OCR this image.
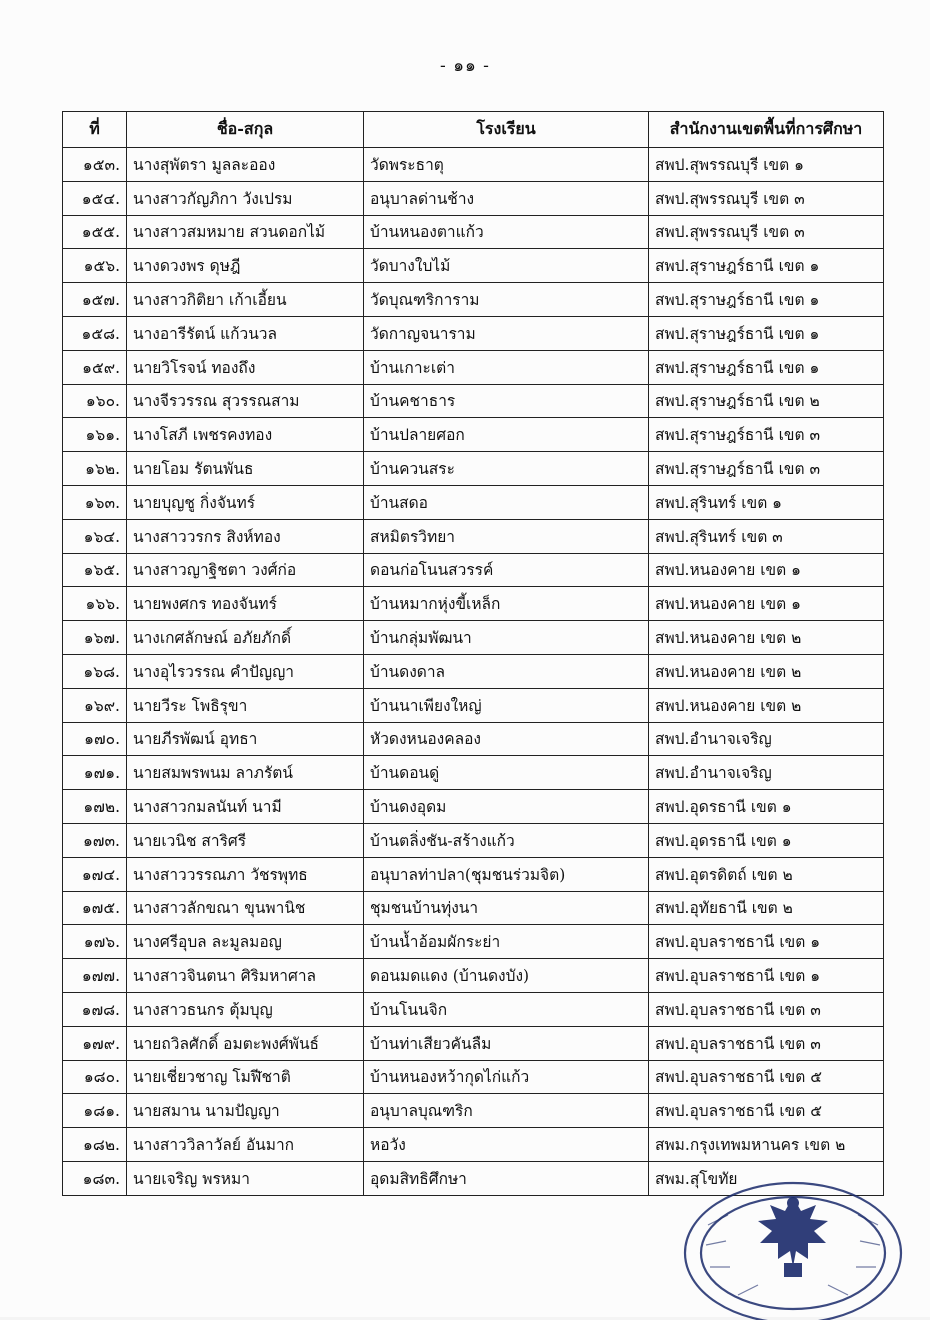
- ๑๑ -
ที่	ชื่อ-สกุล	โรงเรียน	สำนักงานเขตพื้นที่การศึกษา
๑๕๓.	นางสุพัตรา มูลละออง	วัดพระธาตุ	สพป.สุพรรณบุรี เขต ๑
๑๕๔.	นางสาวกัญภิกา วังเปรม	อนุบาลด่านช้าง	สพป.สุพรรณบุรี เขต ๓
๑๕๕.	นางสาวสมหมาย สวนดอกไม้	บ้านหนองตาแก้ว	สพป.สุพรรณบุรี เขต ๓
๑๕๖.	นางดวงพร ดุษฎี	วัดบางใบไม้	สพป.สุราษฎร์ธานี เขต ๑
๑๕๗.	นางสาวกิติยา เก้าเอี้ยน	วัดบุณฑริการาม	สพป.สุราษฎร์ธานี เขต ๑
๑๕๘.	นางอารีรัตน์ แก้วนวล	วัดกาญจนาราม	สพป.สุราษฎร์ธานี เขต ๑
๑๕๙.	นายวิโรจน์ ทองถึง	บ้านเกาะเต่า	สพป.สุราษฎร์ธานี เขต ๑
๑๖๐.	นางจีรวรรณ สุวรรณสาม	บ้านคชาธาร	สพป.สุราษฎร์ธานี เขต ๒
๑๖๑.	นางโสภี เพชรคงทอง	บ้านปลายศอก	สพป.สุราษฎร์ธานี เขต ๓
๑๖๒.	นายโอม รัตนพันธ	บ้านควนสระ	สพป.สุราษฎร์ธานี เขต ๓
๑๖๓.	นายบุญชู กิ่งจันทร์	บ้านสดอ	สพป.สุรินทร์ เขต ๑
๑๖๔.	นางสาววรกร สิงห์ทอง	สหมิตรวิทยา	สพป.สุรินทร์ เขต ๓
๑๖๕.	นางสาวญาฐิชตา วงศ์ก่อ	ดอนก่อโนนสวรรค์	สพป.หนองคาย เขต ๑
๑๖๖.	นายพงศกร ทองจันทร์	บ้านหมากหุ่งขี้เหล็ก	สพป.หนองคาย เขต ๑
๑๖๗.	นางเกศลักษณ์ อภัยภักดิ์	บ้านกลุ่มพัฒนา	สพป.หนองคาย เขต ๒
๑๖๘.	นางอุไรวรรณ คำปัญญา	บ้านดงดาล	สพป.หนองคาย เขต ๒
๑๖๙.	นายวีระ โพธิรุขา	บ้านนาเพียงใหญ่	สพป.หนองคาย เขต ๒
๑๗๐.	นายภีรพัฒน์ อุทธา	หัวดงหนองคลอง	สพป.อำนาจเจริญ
๑๗๑.	นายสมพรพนม ลาภรัตน์	บ้านดอนดู่	สพป.อำนาจเจริญ
๑๗๒.	นางสาวกมลนันท์ นามี	บ้านดงอุดม	สพป.อุดรธานี เขต ๑
๑๗๓.	นายเวนิช สาริศรี	บ้านตลิ่งชัน-สร้างแก้ว	สพป.อุดรธานี เขต ๑
๑๗๔.	นางสาววรรณภา วัชรพุทธ	อนุบาลท่าปลา(ชุมชนร่วมจิต)	สพป.อุตรดิตถ์ เขต ๒
๑๗๕.	นางสาวลักขณา ขุนพานิช	ชุมชนบ้านทุ่งนา	สพป.อุทัยธานี เขต ๒
๑๗๖.	นางศรีอุบล ละมูลมอญ	บ้านน้ำอ้อมผักระย่า	สพป.อุบลราชธานี เขต ๑
๑๗๗.	นางสาวจินตนา ศิริมหาศาล	ดอนมดแดง (บ้านดงบัง)	สพป.อุบลราชธานี เขต ๑
๑๗๘.	นางสาวธนกร ตุ้มบุญ	บ้านโนนจิก	สพป.อุบลราชธานี เขต ๓
๑๗๙.	นายถวิลศักดิ์ อมตะพงศ์พันธ์	บ้านท่าเสียวคันลืม	สพป.อุบลราชธานี เขต ๓
๑๘๐.	นายเชี่ยวชาญ โมฬีชาติ	บ้านหนองหว้ากุดไก่แก้ว	สพป.อุบลราชธานี เขต ๕
๑๘๑.	นายสมาน นามปัญญา	อนุบาลบุณฑริก	สพป.อุบลราชธานี เขต ๕
๑๘๒.	นางสาววิลาวัลย์ อันมาก	หอวัง	สพม.กรุงเทพมหานคร เขต ๒
๑๘๓.	นายเจริญ พรหมา	อุดมสิทธิศึกษา	สพม.สุโขทัย
